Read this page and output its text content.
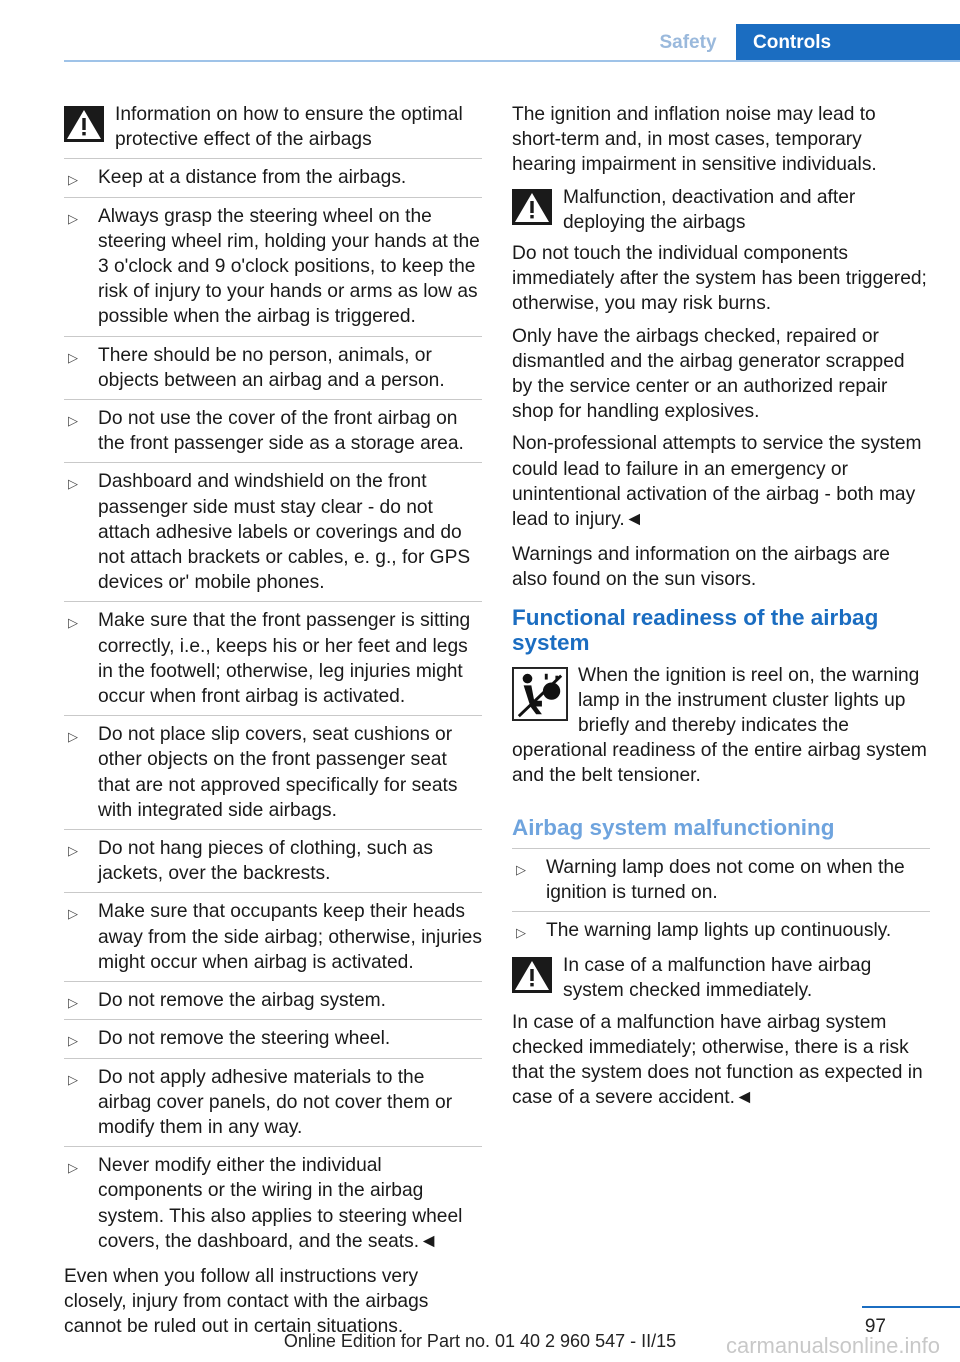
Safety	Controls
Information on how to ensure the optimal protective effect of the airbags
▷ Keep at a distance from the airbags.
▷ Always grasp the steering wheel on the steering wheel rim, holding your hands at the 3 o'clock and 9 o'clock positions, to keep the risk of injury to your hands or arms as low as possible when the airbag is triggered.
▷ There should be no person, animals, or objects between an airbag and a person.
▷ Do not use the cover of the front airbag on the front passenger side as a storage area.
▷ Dashboard and windshield on the front passenger side must stay clear - do not attach adhesive labels or coverings and do not attach brackets or cables, e. g., for GPS devices or' mobile phones.
▷ Make sure that the front passenger is sitting correctly, i.e., keeps his or her feet and legs in the footwell; otherwise, leg injuries might occur when front airbag is activated.
▷ Do not place slip covers, seat cushions or other objects on the front passenger seat that are not approved specifically for seats with integrated side airbags.
▷ Do not hang pieces of clothing, such as jackets, over the backrests.
▷ Make sure that occupants keep their heads away from the side airbag; otherwise, injuries might occur when airbag is activated.
▷ Do not remove the airbag system.
▷ Do not remove the steering wheel.
▷ Do not apply adhesive materials to the airbag cover panels, do not cover them or modify them in any way.
▷ Never modify either the individual components or the wiring in the airbag system. This also applies to steering wheel covers, the dashboard, and the seats.◄

Even when you follow all instructions very closely, injury from contact with the airbags cannot be ruled out in certain situations.

The ignition and inflation noise may lead to short-term and, in most cases, temporary hearing impairment in sensitive individuals.

Malfunction, deactivation and after deploying the airbags

Do not touch the individual components immediately after the system has been triggered; otherwise, you may risk burns.

Only have the airbags checked, repaired or dismantled and the airbag generator scrapped by the service center or an authorized repair shop for handling explosives.

Non-professional attempts to service the system could lead to failure in an emergency or unintentional activation of the airbag - both may lead to injury.◄

Warnings and information on the airbags are also found on the sun visors.

Functional readiness of the airbag system
When the ignition is reel on, the warning lamp in the instrument cluster lights up briefly and thereby indicates the operational readiness of the entire airbag system and the belt tensioner.
Airbag system malfunctioning
▷ Warning lamp does not come on when the ignition is turned on.
▷ The warning lamp lights up continuously.
In case of a malfunction have airbag system checked immediately.

In case of a malfunction have airbag system checked immediately; otherwise, there is a risk that the system does not function as expected in case of a severe accident.◄

97
Online Edition for Part no. 01 40 2 960 547 - II/15	carmanualsonline.info
